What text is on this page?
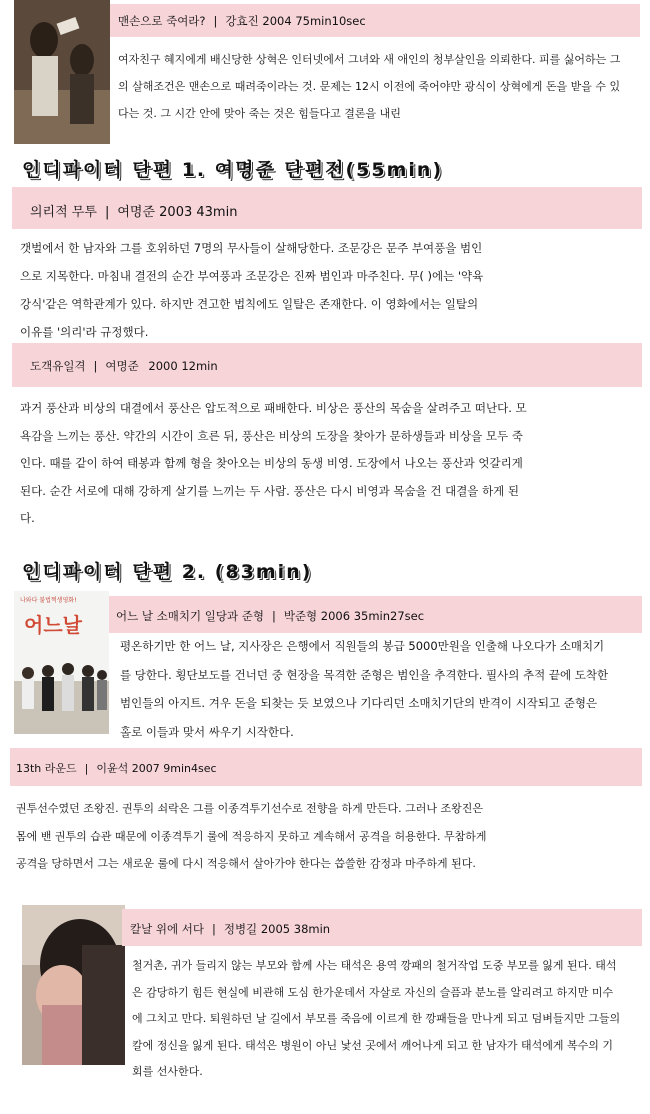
맨손으로 죽여라? | 강효진 2004 75min10sec
여자친구 혜지에게 배신당한 상혁은 인터넷에서 그녀와 새 애인의 청부살인을 의뢰한다. 피를 싫어하는 그의 살해조건은 맨손으로 때려죽이라는 것. 문제는 12시 이전에 죽어야만 광식이 상혁에게 돈을 받을 수 있다는 것. 그 시간 안에 맞아 죽는 것은 힘들다고 결론을 내린
인디파이터 단편 1. 여명준 단편전(55min)
의리적 무투 | 여명준 2003 43min
갯벌에서 한 남자와 그를 호위하던 7명의 무사들이 살해당한다. 조문강은 문주 부여풍을 범인으로 지목한다. 마침내 결전의 순간 부여풍과 조문강은 진짜 범인과 마주친다. 무( )에는 '약육강식'같은 역학관계가 있다. 하지만 견고한 법칙에도 일탈은 존재한다. 이 영화에서는 일탈의 이유를 '의리'라 규정했다.
도객유일격 | 여명준 2000 12min
과거 풍산과 비상의 대결에서 풍산은 압도적으로 패배한다. 비상은 풍산의 목숨을 살려주고 떠난다. 모욕감을 느끼는 풍산. 약간의 시간이 흐른 뒤, 풍산은 비상의 도장을 찾아가 문하생들과 비상을 모두 죽인다. 때를 같이 하여 태봉과 함께 형을 찾아오는 비상의 동생 비영. 도장에서 나오는 풍산과 엇갈리게 된다. 순간 서로에 대해 강하게 살기를 느끼는 두 사람. 풍산은 다시 비영과 목숨을 건 대결을 하게 된다.
인디파이터 단편 2. (83min)
나와다 불법쩍생영화!
어느날	어느 날 소매치기 일당과 준형 | 박준형 2006 35min27sec
평온하기만 한 어느 날, 지사장은 은행에서 직원들의 봉급 5000만원을 인출해 나오다가 소매치기를 당한다. 횡단보도를 건너던 중 현장을 목격한 준형은 범인을 추격한다. 필사의 추적 끝에 도착한 범인들의 아지트. 겨우 돈을 되찾는 듯 보였으나 기다리던 소매치기단의 반격이 시작되고 준형은 홀로 이들과 맞서 싸우기 시작한다.
13th 라운드 | 이윤석 2007 9min4sec
권투선수였던 조왕진. 권투의 쇠락은 그를 이종격투기선수로 전향을 하게 만든다. 그러나 조왕진은 몸에 밴 권투의 습관 때문에 이종격투기 룰에 적응하지 못하고 계속해서 공격을 허용한다. 무참하게 공격을 당하면서 그는 새로운 룰에 다시 적응해서 살아가야 한다는 씁쓸한 감정과 마주하게 된다.
칼날 위에 서다 | 정병길 2005 38min
철거촌, 귀가 들리지 않는 부모와 함께 사는 태석은 용역 깡패의 철거작업 도중 부모를 잃게 된다. 태석은 감당하기 힘든 현실에 비관해 도심 한가운데서 자살로 자신의 슬픔과 분노를 알리려고 하지만 미수에 그치고 만다. 퇴원하던 날 길에서 부모를 죽음에 이르게 한 깡패들을 만나게 되고 덤벼들지만 그들의 칼에 정신을 잃게 된다. 태석은 병원이 아닌 낯선 곳에서 깨어나게 되고 한 남자가 태석에게 복수의 기회를 선사한다.
